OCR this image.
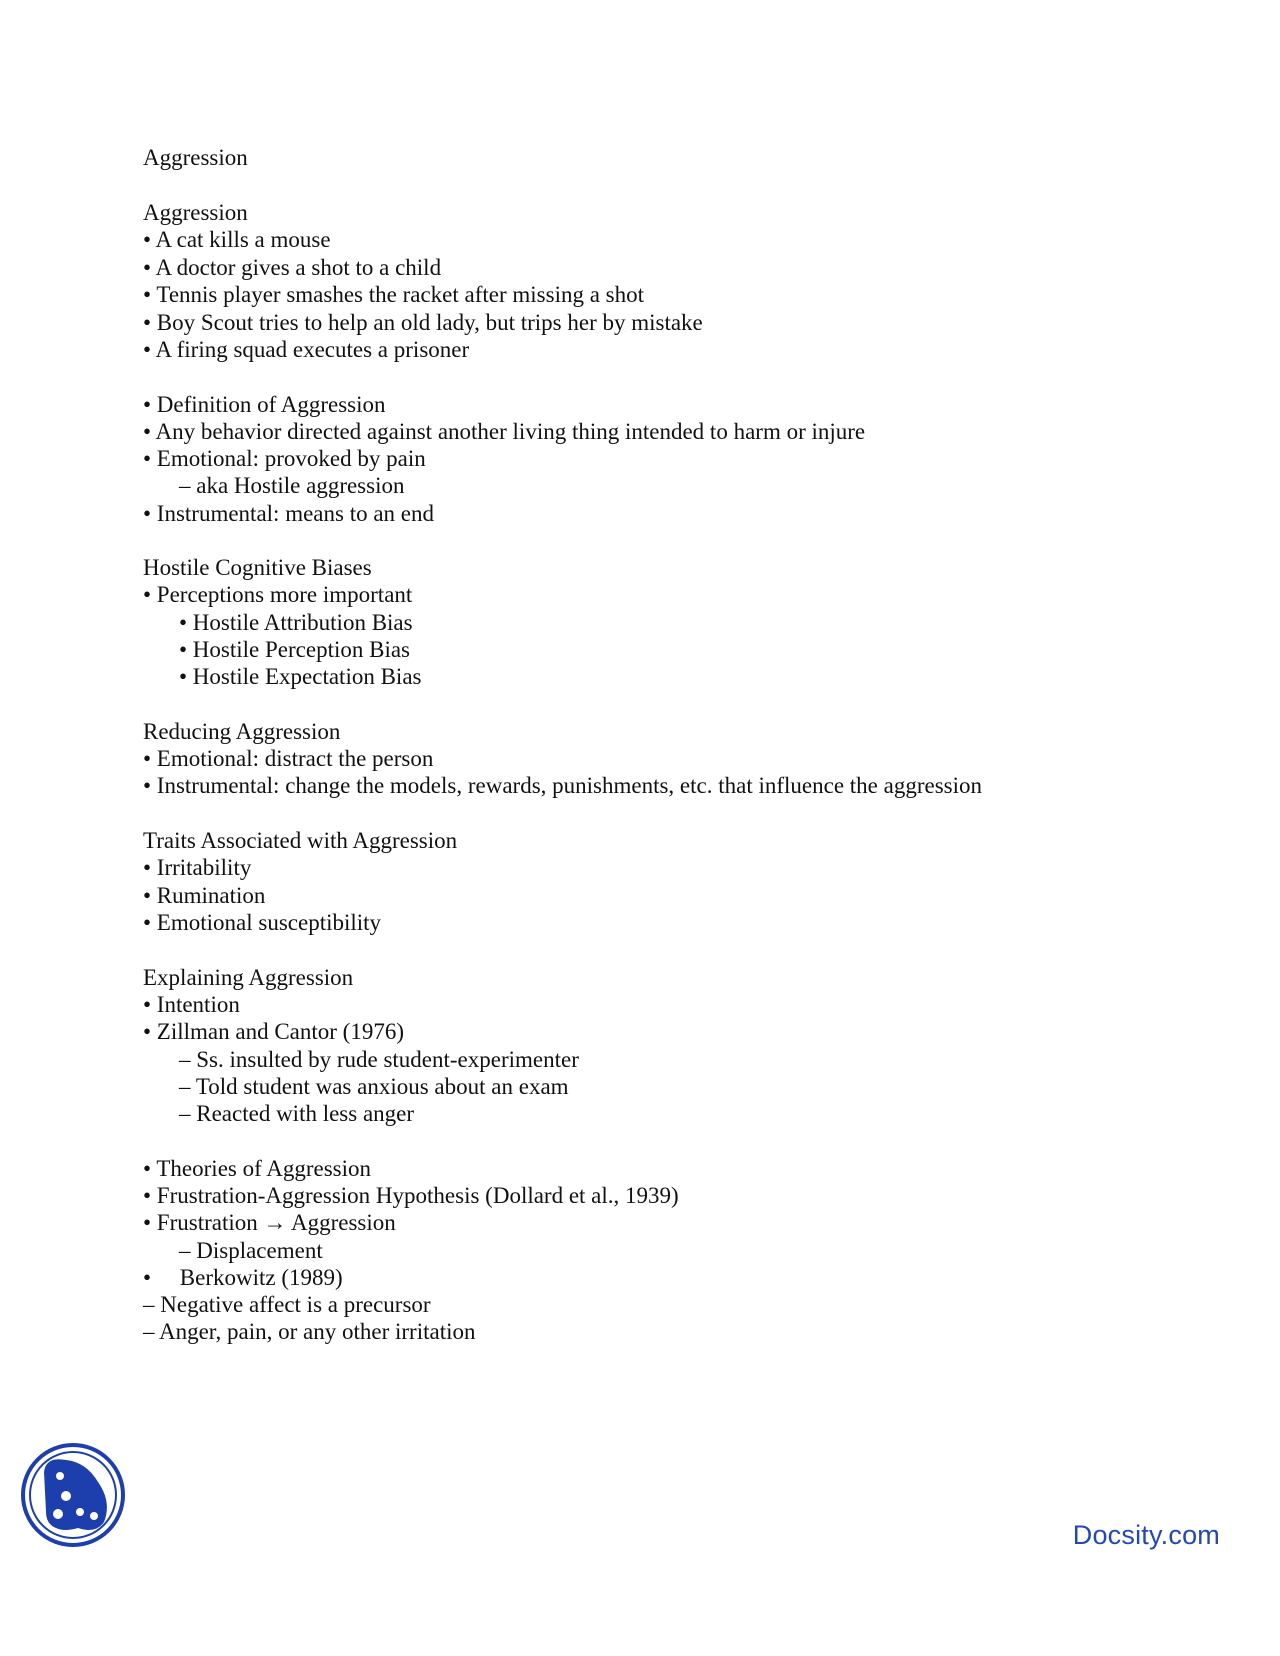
Aggression
Aggression
• A cat kills a mouse
• A doctor gives a shot to a child
• Tennis player smashes the racket after missing a shot
• Boy Scout tries to help an old lady, but trips her by mistake
• A firing squad executes a prisoner
• Definition of Aggression
• Any behavior directed against another living thing intended to harm or injure
• Emotional: provoked by pain
– aka Hostile aggression
• Instrumental: means to an end
Hostile Cognitive Biases
• Perceptions more important
• Hostile Attribution Bias
• Hostile Perception Bias
• Hostile Expectation Bias
Reducing Aggression
• Emotional: distract the person
• Instrumental: change the models, rewards, punishments, etc. that influence the aggression
Traits Associated with Aggression
• Irritability
• Rumination
• Emotional susceptibility
Explaining Aggression
• Intention
• Zillman and Cantor (1976)
– Ss. insulted by rude student-experimenter
– Told student was anxious about an exam
– Reacted with less anger
• Theories of Aggression
• Frustration-Aggression Hypothesis (Dollard et al., 1939)
• Frustration → Aggression
– Displacement
•     Berkowitz (1989)
– Negative affect is a precursor
– Anger, pain, or any other irritation
Docsity.com
